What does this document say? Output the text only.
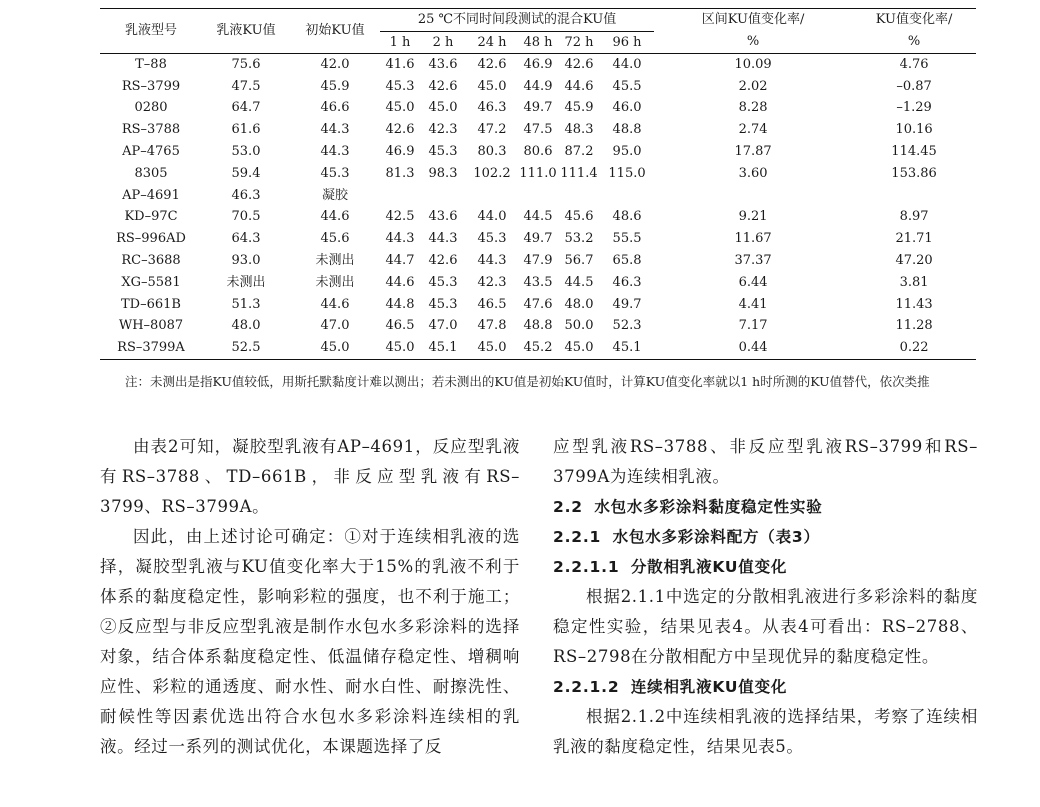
乳液型号	乳液KU值	初始KU值	25 ℃不同时间段测试的混合KU值						区间KU值变化率/	KU值变化率/
			1 h	2 h	24 h	48 h	72 h	96 h	%	%
T–88	75.6	42.0	41.6	43.6	42.6	46.9	42.6	44.0	10.09	4.76
RS–3799	47.5	45.9	45.3	42.6	45.0	44.9	44.6	45.5	2.02	–0.87
0280	64.7	46.6	45.0	45.0	46.3	49.7	45.9	46.0	8.28	–1.29
RS–3788	61.6	44.3	42.6	42.3	47.2	47.5	48.3	48.8	2.74	10.16
AP–4765	53.0	44.3	46.9	45.3	80.3	80.6	87.2	95.0	17.87	114.45
8305	59.4	45.3	81.3	98.3	102.2	111.0	111.4	115.0	3.60	153.86
AP–4691	46.3	凝胶								
KD–97C	70.5	44.6	42.5	43.6	44.0	44.5	45.6	48.6	9.21	8.97
RS–996AD	64.3	45.6	44.3	44.3	45.3	49.7	53.2	55.5	11.67	21.71
RC–3688	93.0	未测出	44.7	42.6	44.3	47.9	56.7	65.8	37.37	47.20
XG–5581	未测出	未测出	44.6	45.3	42.3	43.5	44.5	46.3	6.44	3.81
TD–661B	51.3	44.6	44.8	45.3	46.5	47.6	48.0	49.7	4.41	11.43
WH–8087	48.0	47.0	46.5	47.0	47.8	48.8	50.0	52.3	7.17	11.28
RS–3799A	52.5	45.0	45.0	45.1	45.0	45.2	45.0	45.1	0.44	0.22
注：未测出是指KU值较低，用斯托默黏度计难以测出；若未测出的KU值是初始KU值时，计算KU值变化率就以1 h时所测的KU值替代，依次类推

由表2可知，凝胶型乳液有AP–4691，反应型乳液有RS–3788、TD–661B，非反应型乳液有RS–3799、RS–3799A。

因此，由上述讨论可确定：①对于连续相乳液的选择，凝胶型乳液与KU值变化率大于15%的乳液不利于体系的黏度稳定性，影响彩粒的强度，也不利于施工；②反应型与非反应型乳液是制作水包水多彩涂料的选择对象，结合体系黏度稳定性、低温储存稳定性、增稠响应性、彩粒的通透度、耐水性、耐水白性、耐擦洗性、耐候性等因素优选出符合水包水多彩涂料连续相的乳液。经过一系列的测试优化，本课题选择了反

应型乳液RS–3788、非反应型乳液RS–3799和RS–3799A为连续相乳液。

2.2 水包水多彩涂料黏度稳定性实验
2.2.1 水包水多彩涂料配方（表3）
2.2.1.1 分散相乳液KU值变化

根据2.1.1中选定的分散相乳液进行多彩涂料的黏度稳定性实验，结果见表4。从表4可看出：RS–2788、RS–2798在分散相配方中呈现优异的黏度稳定性。

2.2.1.2 连续相乳液KU值变化

根据2.1.2中连续相乳液的选择结果，考察了连续相乳液的黏度稳定性，结果见表5。
